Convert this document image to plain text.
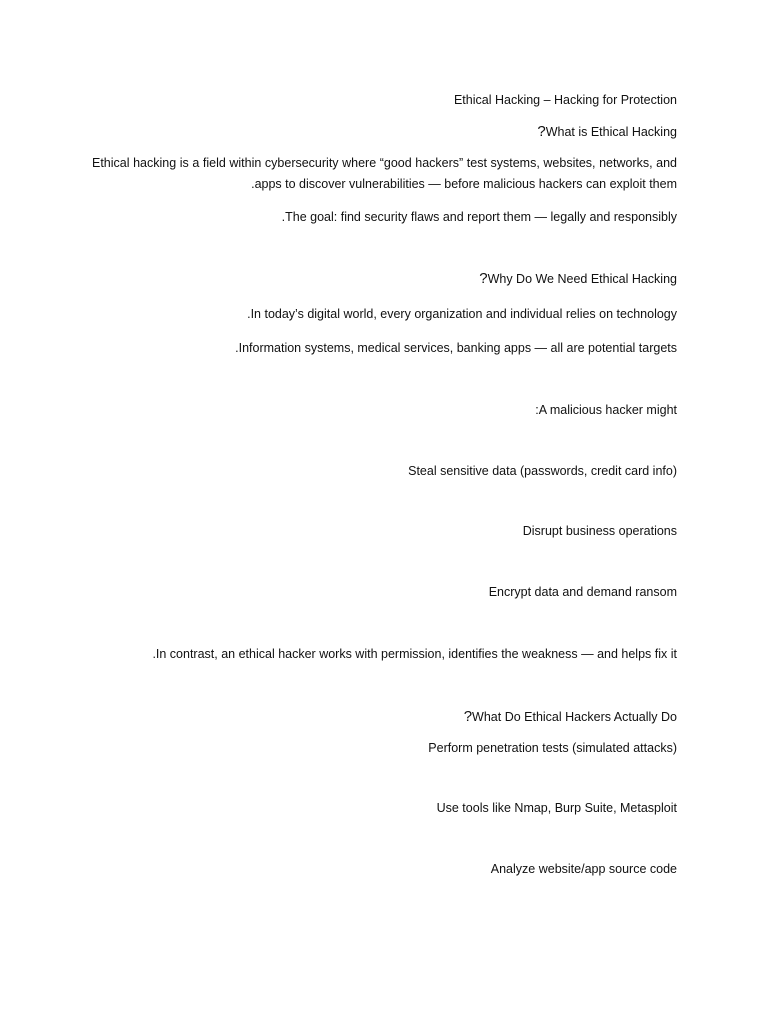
Ethical Hacking – Hacking for Protection
?What is Ethical Hacking
Ethical hacking is a field within cybersecurity where “good hackers” test systems, websites, networks, and
.apps to discover vulnerabilities — before malicious hackers can exploit them
.The goal: find security flaws and report them — legally and responsibly
?Why Do We Need Ethical Hacking
.In today’s digital world, every organization and individual relies on technology
.Information systems, medical services, banking apps — all are potential targets
:A malicious hacker might
Steal sensitive data (passwords, credit card info)
Disrupt business operations
Encrypt data and demand ransom
.In contrast, an ethical hacker works with permission, identifies the weakness — and helps fix it
?What Do Ethical Hackers Actually Do
Perform penetration tests (simulated attacks)
Use tools like Nmap, Burp Suite, Metasploit
Analyze website/app source code
